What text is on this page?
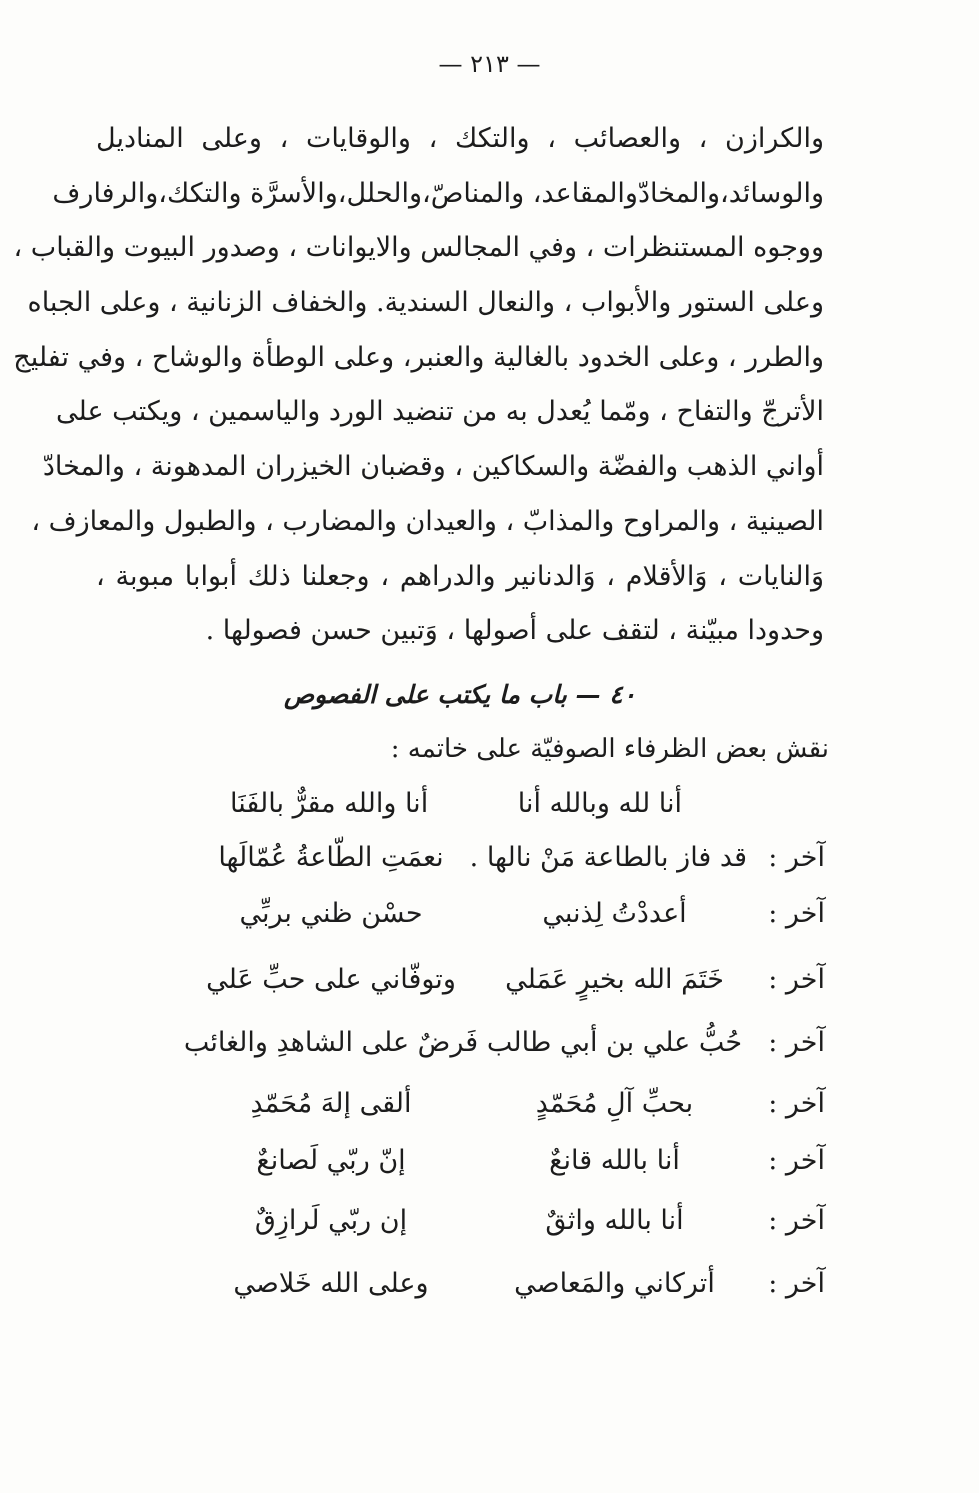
— ٢١٣ —
والكرازن ، والعصائب ، والتكك ، والوقايات ، وعلى المناديل
والوسائد،والمخادّوالمقاعد، والمناصّ،والحلل،والأسرَّة والتكك،والرفارف
ووجوه المستنظرات ، وفي المجالس والايوانات ، وصدور البيوت والقباب ،
وعلى الستور والأبواب ، والنعال السندية. والخفاف الزنانية ، وعلى الجباه
والطرر ، وعلى الخدود بالغالية والعنبر، وعلى الوطأة والوشاح ، وفي تفليج
الأترجّ والتفاح ، ومّما يُعدل به من تنضيد الورد والياسمين ، ويكتب على
أواني الذهب والفضّة والسكاكين ، وقضبان الخيزران المدهونة ، والمخادّ
الصينية ، والمراوح والمذابّ ، والعيدان والمضارب ، والطبول والمعازف ،
وَالنايات ، وَالأقلام ، وَالدنانير والدراهم ، وجعلنا ذلك أبوابا مبوبة ،
وحدودا مبيّنة ، لتقف على أصولها ، وَتبين حسن فصولها .
٤٠ — باب ما يكتب على الفصوص
نقش بعض الظرفاء الصوفيّة على خاتمه :
أنا لله وبالله أنا
أنا والله مقرٌّ بالفَنَا
آخر :
قد فاز بالطاعة مَنْ نالها .
نعمَتِ الطّاعةُ عُمّالَها
آخر :
أعددْتُ لِذنبي
حسْن ظني بربِّي
آخر :
خَتَمَ الله بخيرٍ عَمَلي
وتوفّاني على حبِّ عَلي
آخر :
حُبُّ علي بن أبي طالب
فَرضٌ على الشاهدِ والغائب
آخر :
بحبِّ آلِ مُحَمّدٍ
ألقى إلهَ مُحَمّدِ
آخر :
أنا بالله قانعٌ
إنّ ربّي لَصانعٌ
آخر :
أنا بالله واثقٌ
إن ربّي لَرازِقٌ
آخر :
أتركاني والمَعاصي
وعلى الله خَلاصي
